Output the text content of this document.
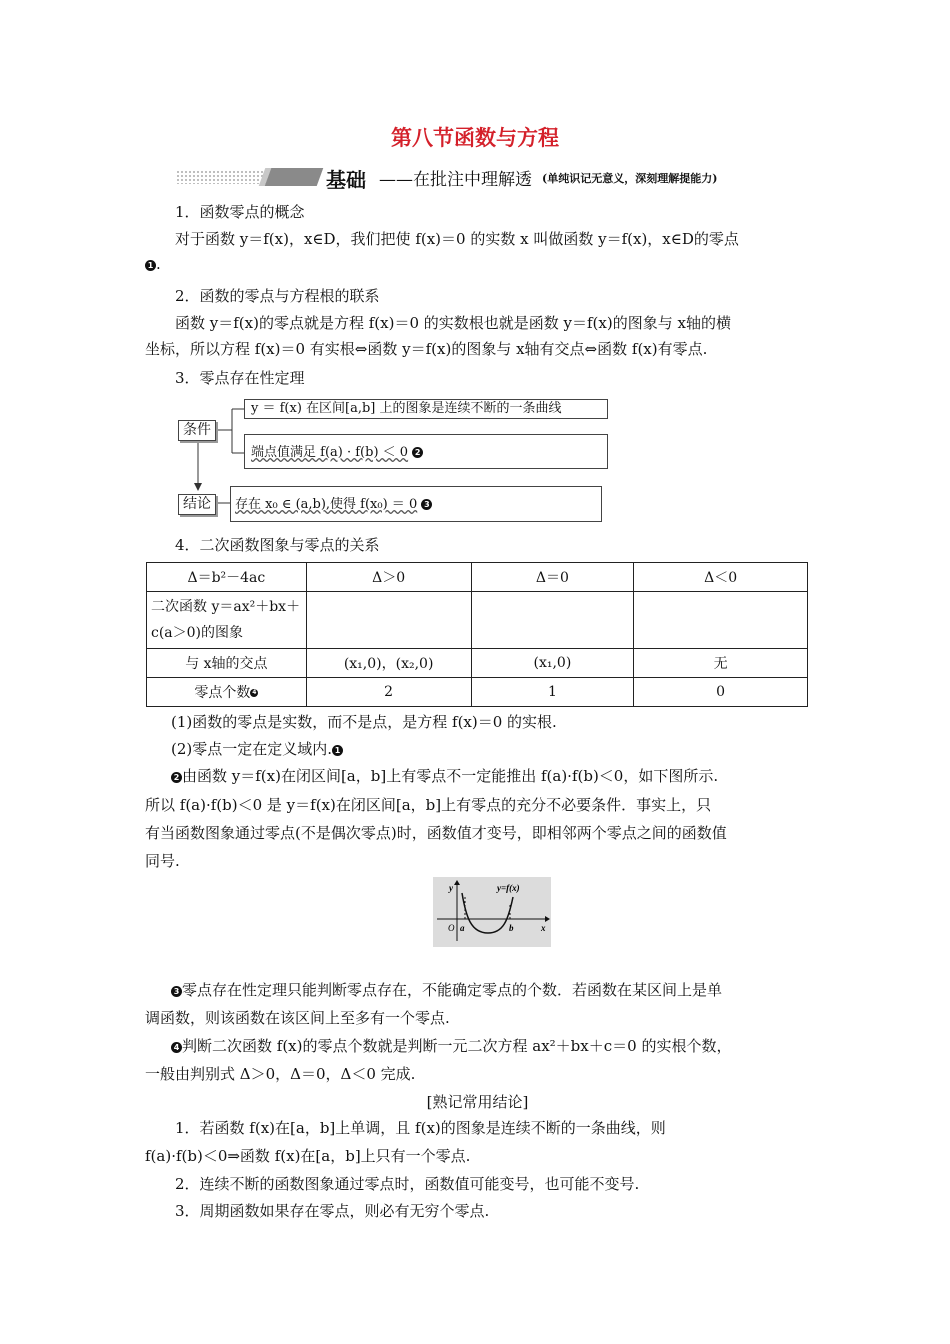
第八节函数与方程
基础 ——在批注中理解透 (单纯识记无意义，深刻理解提能力)
1．函数零点的概念
对于函数 y＝f(x)，x∈D，我们把使 f(x)＝0 的实数 x 叫做函数 y＝f(x)，x∈D的零点
1 .
2．函数的零点与方程根的联系
函数 y＝f(x)的零点就是方程 f(x)＝0 的实数根也就是函数 y＝f(x)的图象与 x轴的横
坐标，所以方程 f(x)＝0 有实根⇔函数 y＝f(x)的图象与 x轴有交点⇔函数 f(x)有零点.
3．零点存在性定理
条件
y ＝ f(x) 在区间[a,b] 上的图象是连续不断的一条曲线
端点值满足 f(a) · f(b) ＜ 0 2
结论	存在 x₀ ∈ (a,b),使得 f(x₀) ＝ 0 3
4．二次函数图象与零点的关系
Δ＝b²－4ac	Δ＞0	Δ＝0	Δ＜0
二次函数 y＝ax²＋bx＋c(a＞0)的图象			
与 x轴的交点	(x₁,0)，(x₂,0)	(x₁,0)	无
零点个数 4	2	1	0
(1)函数的零点是实数，而不是点，是方程 f(x)＝0 的实根.
(2)零点一定在定义域内. 1
2 由函数 y＝f(x)在闭区间[a，b]上有零点不一定能推出 f(a)·f(b)＜0，如下图所示.
所以 f(a)·f(b)＜0 是 y＝f(x)在闭区间[a，b]上有零点的充分不必要条件．事实上，只
有当函数图象通过零点(不是偶次零点)时，函数值才变号，即相邻两个零点之间的函数值
同号.
y	y=f(x)
O a	b	x
3 零点存在性定理只能判断零点存在，不能确定零点的个数．若函数在某区间上是单
调函数，则该函数在该区间上至多有一个零点.
4 判断二次函数 f(x)的零点个数就是判断一元二次方程 ax²＋bx＋c＝0 的实根个数，
一般由判别式 Δ＞0，Δ＝0，Δ＜0 完成.
[熟记常用结论]
1．若函数 f(x)在[a，b]上单调，且 f(x)的图象是连续不断的一条曲线，则
f(a)·f(b)＜0⇒函数 f(x)在[a，b]上只有一个零点.
2．连续不断的函数图象通过零点时，函数值可能变号，也可能不变号.
3．周期函数如果存在零点，则必有无穷个零点.
